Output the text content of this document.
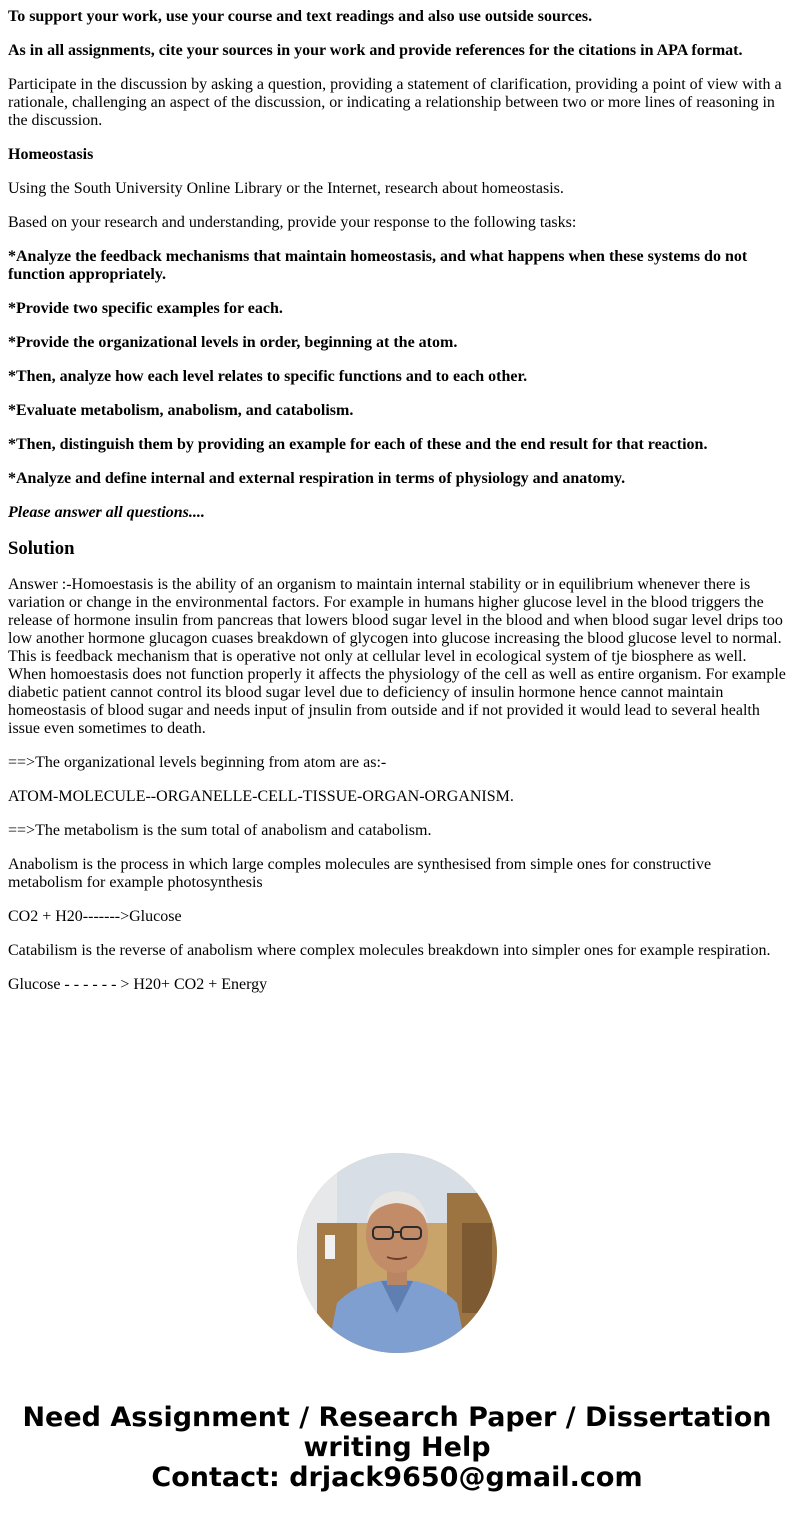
To support your work, use your course and text readings and also use outside sources.

As in all assignments, cite your sources in your work and provide references for the citations in APA format.

Participate in the discussion by asking a question, providing a statement of clarification, providing a point of view with a rationale, challenging an aspect of the discussion, or indicating a relationship between two or more lines of reasoning in the discussion.

Homeostasis

Using the South University Online Library or the Internet, research about homeostasis.

Based on your research and understanding, provide your response to the following tasks:

*Analyze the feedback mechanisms that maintain homeostasis, and what happens when these systems do not function appropriately.

*Provide two specific examples for each.

*Provide the organizational levels in order, beginning at the atom.

*Then, analyze how each level relates to specific functions and to each other.

*Evaluate metabolism, anabolism, and catabolism.

*Then, distinguish them by providing an example for each of these and the end result for that reaction.

*Analyze and define internal and external respiration in terms of physiology and anatomy.

Please answer all questions....

Solution

Answer :-Homoestasis is the ability of an organism to maintain internal stability or in equilibrium whenever there is variation or change in the environmental factors. For example in humans higher glucose level in the blood triggers the release of hormone insulin from pancreas that lowers blood sugar level in the blood and when blood sugar level drips too low another hormone glucagon cuases breakdown of glycogen into glucose increasing the blood glucose level to normal. This is feedback mechanism that is operative not only at cellular level in ecological system of tje biosphere as well. When homoestasis does not function properly it affects the physiology of the cell as well as entire organism. For example diabetic patient cannot control its blood sugar level due to deficiency of insulin hormone hence cannot maintain homeostasis of blood sugar and needs input of jnsulin from outside and if not provided it would lead to several health issue even sometimes to death.

==>The organizational levels beginning from atom are as:-

ATOM-MOLECULE--ORGANELLE-CELL-TISSUE-ORGAN-ORGANISM.

==>The metabolism is the sum total of anabolism and catabolism.

Anabolism is the process in which large comples molecules are synthesised from simple ones for constructive metabolism for example photosynthesis

CO2 + H20------->Glucose

Catabilism is the reverse of anabolism where complex molecules breakdown into simpler ones for example respiration.

Glucose - - - - - - > H20+ CO2 + Energy

Need Assignment / Research Paper / Dissertation
writing Help
Contact: drjack9650@gmail.com
